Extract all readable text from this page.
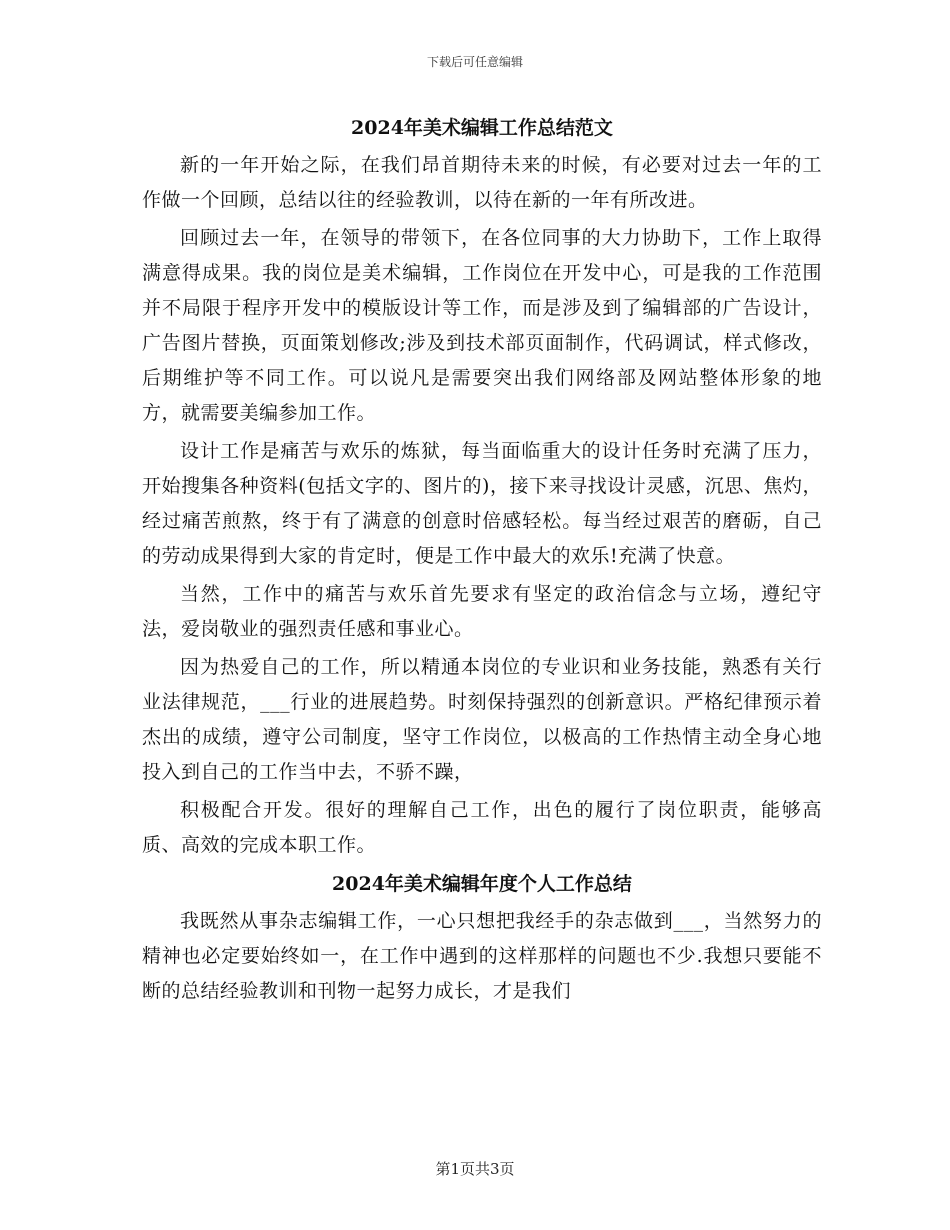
下载后可任意编辑
2024年美术编辑工作总结范文

新的一年开始之际，在我们昂首期待未来的时候，有必要对过去一年的工作做一个回顾，总结以往的经验教训，以待在新的一年有所改进。

回顾过去一年，在领导的带领下，在各位同事的大力协助下，工作上取得满意得成果。我的岗位是美术编辑，工作岗位在开发中心，可是我的工作范围并不局限于程序开发中的模版设计等工作，而是涉及到了编辑部的广告设计，广告图片替换，页面策划修改;涉及到技术部页面制作，代码调试，样式修改，后期维护等不同工作。可以说凡是需要突出我们网络部及网站整体形象的地方，就需要美编参加工作。

设计工作是痛苦与欢乐的炼狱，每当面临重大的设计任务时充满了压力，开始搜集各种资料(包括文字的、图片的)，接下来寻找设计灵感，沉思、焦灼，经过痛苦煎熬，终于有了满意的创意时倍感轻松。每当经过艰苦的磨砺，自己的劳动成果得到大家的肯定时，便是工作中最大的欢乐!充满了快意。

当然，工作中的痛苦与欢乐首先要求有坚定的政治信念与立场，遵纪守法，爱岗敬业的强烈责任感和事业心。

因为热爱自己的工作，所以精通本岗位的专业识和业务技能，熟悉有关行业法律规范，___行业的进展趋势。时刻保持强烈的创新意识。严格纪律预示着杰出的成绩，遵守公司制度，坚守工作岗位，以极高的工作热情主动全身心地投入到自己的工作当中去，不骄不躁，

积极配合开发。很好的理解自己工作，出色的履行了岗位职责，能够高质、高效的完成本职工作。

2024年美术编辑年度个人工作总结

我既然从事杂志编辑工作，一心只想把我经手的杂志做到___，当然努力的精神也必定要始终如一，在工作中遇到的这样那样的问题也不少.我想只要能不断的总结经验教训和刊物一起努力成长，才是我们

第1页共3页
